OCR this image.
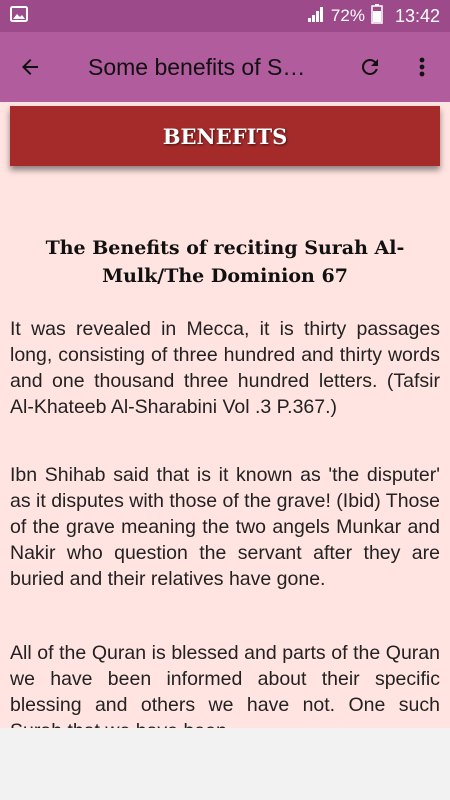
72% 13:42
Some benefits of S…
BENEFITS
The Benefits of reciting Surah Al-Mulk/The Dominion 67
It was revealed in Mecca, it is thirty passages long, consisting of three hundred and thirty words and one thousand three hundred letters. (Tafsir Al-Khateeb Al-Sharabini Vol .3 P.367.)
Ibn Shihab said that is it known as 'the disputer' as it disputes with those of the grave! (Ibid) Those of the grave meaning the two angels Munkar and Nakir who question the servant after they are buried and their relatives have gone.
All of the Quran is blessed and parts of the Quran we have been informed about their specific blessing and others we have not. One such
